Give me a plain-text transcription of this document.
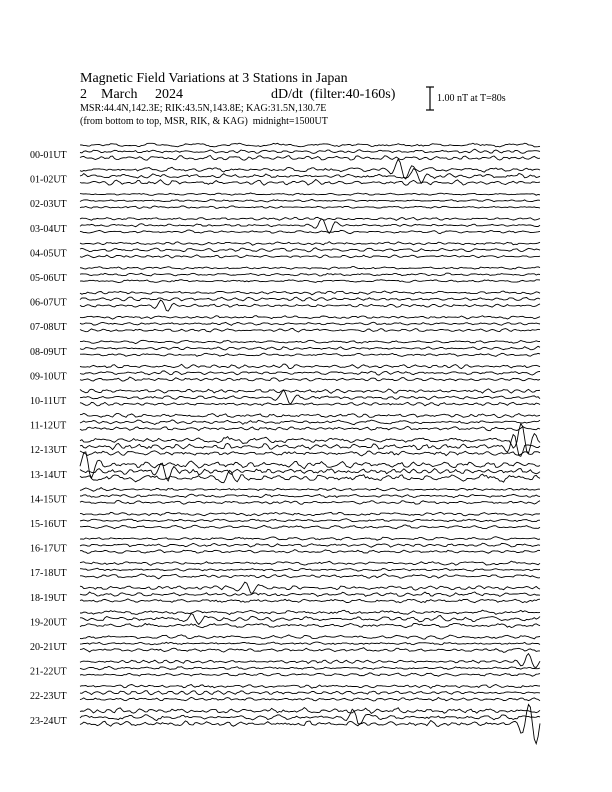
Magnetic Field Variations at 3 Stations in Japan
2    March     2024	dD/dt  (filter:40-160s)
MSR:44.4N,142.3E; RIK:43.5N,143.8E; KAG:31.5N,130.7E
(from bottom to top, MSR, RIK, & KAG)  midnight=1500UT
1.00 nT at T=80s
00-01UT
01-02UT
02-03UT
03-04UT
04-05UT
05-06UT
06-07UT
07-08UT
08-09UT
09-10UT
10-11UT
11-12UT
12-13UT
13-14UT
14-15UT
15-16UT
16-17UT
17-18UT
18-19UT
19-20UT
20-21UT
21-22UT
22-23UT
23-24UT
